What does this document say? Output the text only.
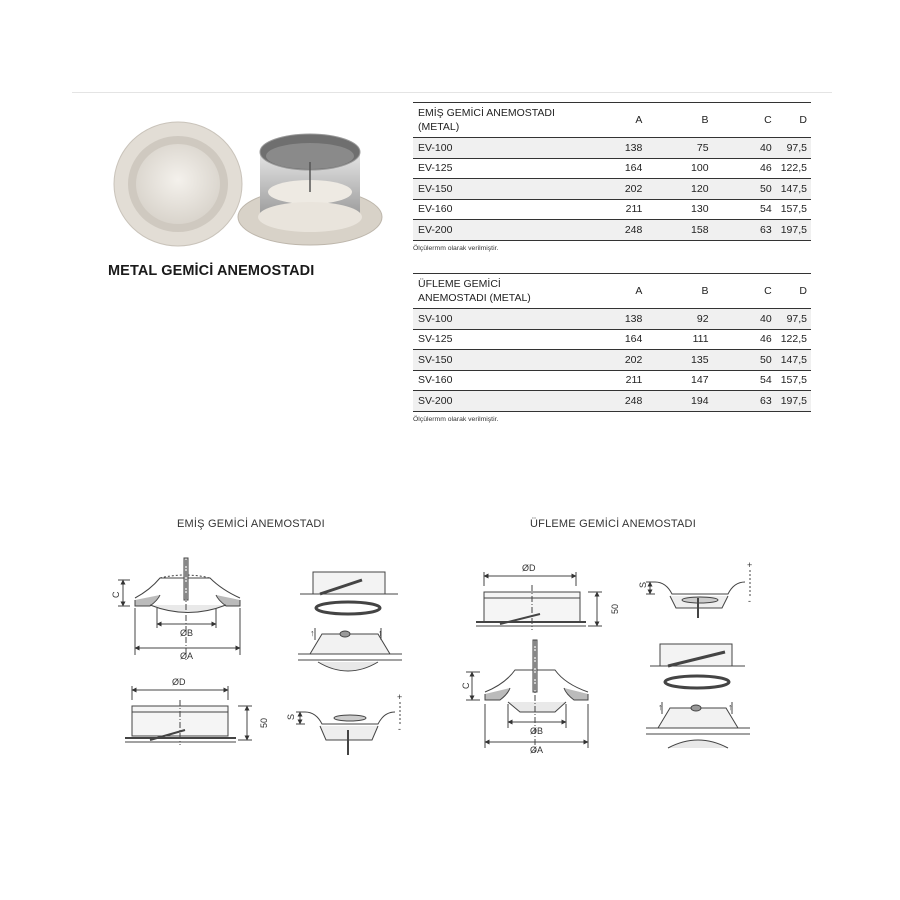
METAL GEMİCİ ANEMOSTADI
EMİŞ GEMİCİ ANEMOSTADI (METAL)	A	B	C	D
EV-100	138	75	40	97,5
EV-125	164	100	46	122,5
EV-150	202	120	50	147,5
EV-160	211	130	54	157,5
EV-200	248	158	63	197,5
Ölçülermm olarak verilmiştir.
ÜFLEME GEMİCİ ANEMOSTADI (METAL)	A	B	C	D
SV-100	138	92	40	97,5
SV-125	164	111	46	122,5
SV-150	202	135	50	147,5
SV-160	211	147	54	157,5
SV-200	248	194	63	197,5
Ölçülermm olarak verilmiştir.
EMİŞ GEMİCİ ANEMOSTADI	ÜFLEME GEMİCİ ANEMOSTADI
C
ØB
ØA
ØD
50
S
+
-
ØD
50
S
+
-
C
ØB
ØA
↑	↑
↑	↑
